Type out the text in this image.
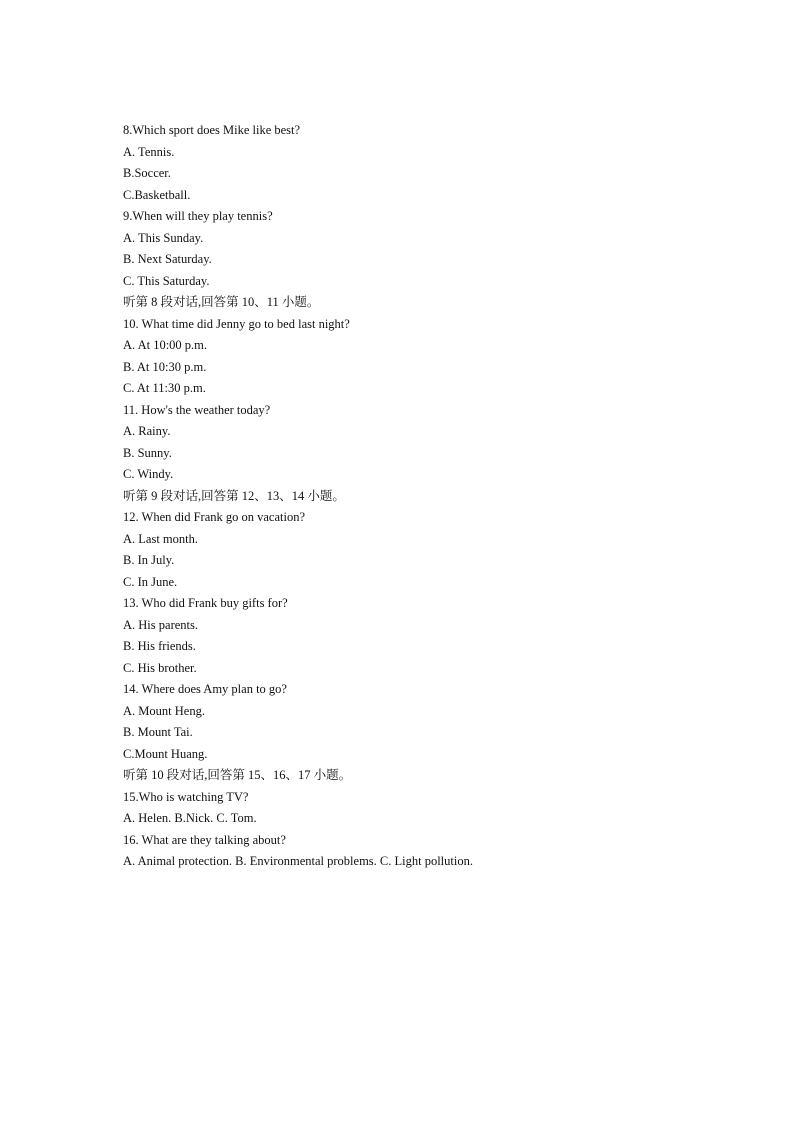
8.Which sport does Mike like best?
A. Tennis.
B.Soccer.
C.Basketball.
9.When will they play tennis?
A. This Sunday.
B. Next Saturday.
C. This Saturday.
听第 8 段对话,回答第 10、11 小题。
10. What time did Jenny go to bed last night?
A. At 10:00 p.m.
B. At 10:30 p.m.
C. At 11:30 p.m.
11. How's the weather today?
A. Rainy.
B. Sunny.
C. Windy.
听第 9 段对话,回答第 12、13、14 小题。
12. When did Frank go on vacation?
A. Last month.
B. In July.
C. In June.
13. Who did Frank buy gifts for?
A. His parents.
B. His friends.
C. His brother.
14. Where does Amy plan to go?
A. Mount Heng.
B. Mount Tai.
C.Mount Huang.
听第 10 段对话,回答第 15、16、17 小题。
15.Who is watching TV?
A. Helen. B.Nick. C. Tom.
16. What are they talking about?
A. Animal protection. B. Environmental problems. C. Light pollution.
